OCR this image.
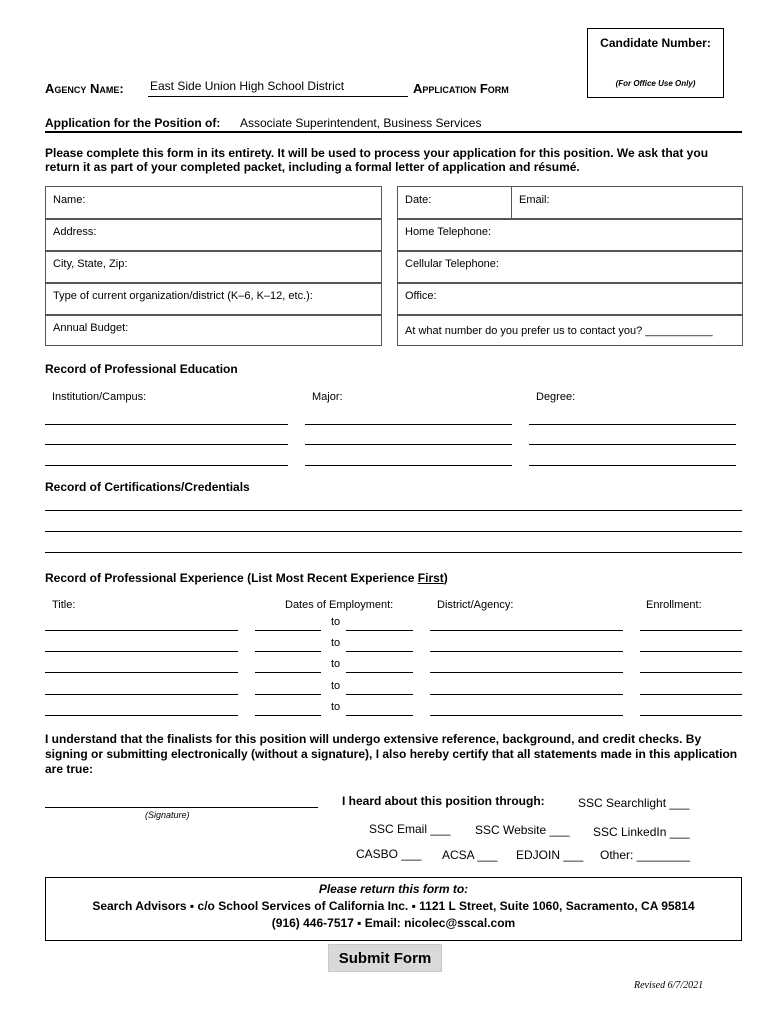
Candidate Number:
(For Office Use Only)
Agency Name: East Side Union High School District	Application Form
Application for the Position of: Associate Superintendent, Business Services
Please complete this form in its entirety. It will be used to process your application for this position. We ask that you return it as part of your completed packet, including a formal letter of application and résumé.
Name:	Date:	Email:
Address:	Home Telephone:
City, State, Zip:	Cellular Telephone:
Type of current organization/district (K–6, K–12, etc.):	Office:
Annual Budget:	At what number do you prefer us to contact you? ___________
Record of Professional Education
Institution/Campus:	Major:	Degree:
Record of Certifications/Credentials
Record of Professional Experience (List Most Recent Experience First)
Title:	Dates of Employment:	District/Agency:	Enrollment:
to
to
to
to
to
I understand that the finalists for this position will undergo extensive reference, background, and credit checks. By signing or submitting electronically (without a signature), I also hereby certify that all statements made in this application are true:
(Signature)
I heard about this position through:	SSC Searchlight ___
SSC Email ___ SSC Website ___ SSC LinkedIn ___
CASBO ___ ACSA ___ EDJOIN ___ Other: ________
Please return this form to:
Search Advisors ▪ c/o School Services of California Inc. ▪ 1121 L Street, Suite 1060, Sacramento, CA 95814
(916) 446-7517 ▪ Email: nicolec@sscal.com
Submit Form
Revised 6/7/2021
